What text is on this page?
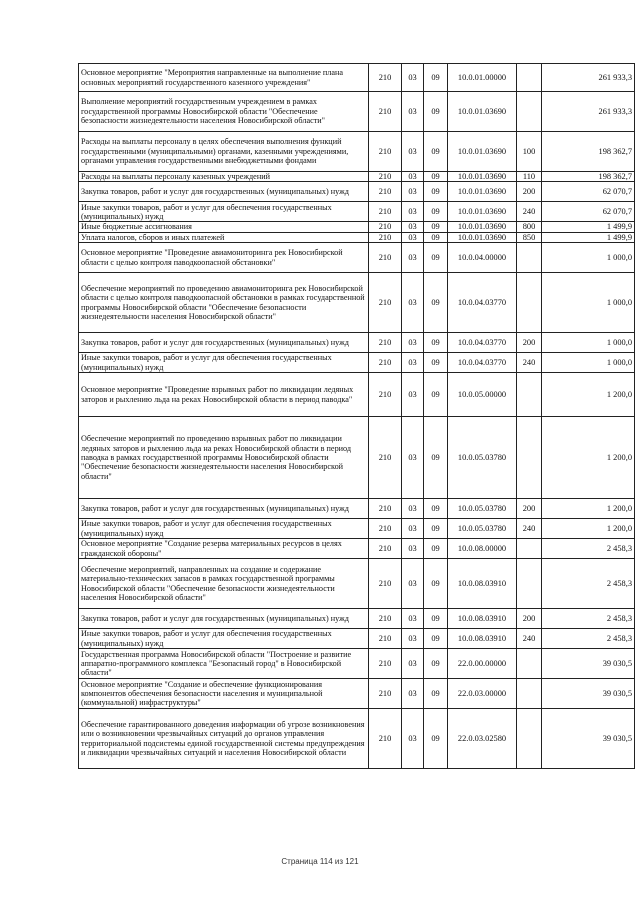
Основное мероприятие "Мероприятия направленные на выполнение плана основных мероприятий государственного казенного учреждения"	210	03	09	10.0.01.00000		261 933,3
Выполнение мероприятий государственным учреждением в рамках государственной программы Новосибирской области "Обеспечение безопасности жизнедеятельности населения Новосибирской области"	210	03	09	10.0.01.03690		261 933,3
Расходы на выплаты персоналу в целях обеспечения выполнения функций государственными (муниципальными) органами, казенными учреждениями, органами управления государственными внебюджетными фондами	210	03	09	10.0.01.03690	100	198 362,7
Расходы на выплаты персоналу казенных учреждений	210	03	09	10.0.01.03690	110	198 362,7
Закупка товаров, работ и услуг для государственных (муниципальных) нужд	210	03	09	10.0.01.03690	200	62 070,7
Иные закупки товаров, работ и услуг для обеспечения государственных (муниципальных) нужд	210	03	09	10.0.01.03690	240	62 070,7
Иные бюджетные ассигнования	210	03	09	10.0.01.03690	800	1 499,9
Уплата налогов, сборов и иных платежей	210	03	09	10.0.01.03690	850	1 499,9
Основное мероприятие "Проведение авиамониторинга рек Новосибирской области с целью контроля паводкоопасной обстановки"	210	03	09	10.0.04.00000		1 000,0
Обеспечение мероприятий по проведению авиамониторинга рек Новосибирской области с целью контроля паводкоопасной обстановки в рамках государственной программы Новосибирской области "Обеспечение безопасности жизнедеятельности населения Новосибирской области"	210	03	09	10.0.04.03770		1 000,0
Закупка товаров, работ и услуг для государственных (муниципальных) нужд	210	03	09	10.0.04.03770	200	1 000,0
Иные закупки товаров, работ и услуг для обеспечения государственных (муниципальных) нужд	210	03	09	10.0.04.03770	240	1 000,0
Основное мероприятие "Проведение взрывных работ по ликвидации ледяных заторов и рыхлению льда на реках Новосибирской области в период паводка"	210	03	09	10.0.05.00000		1 200,0
Обеспечение мероприятий по проведению взрывных работ по ликвидации ледяных заторов и рыхлению льда на реках Новосибирской области в период паводка в рамках государственной программы Новосибирской области "Обеспечение безопасности жизнедеятельности населения Новосибирской области"	210	03	09	10.0.05.03780		1 200,0
Закупка товаров, работ и услуг для государственных (муниципальных) нужд	210	03	09	10.0.05.03780	200	1 200,0
Иные закупки товаров, работ и услуг для обеспечения государственных (муниципальных) нужд	210	03	09	10.0.05.03780	240	1 200,0
Основное мероприятие "Создание резерва материальных ресурсов в целях гражданской обороны"	210	03	09	10.0.08.00000		2 458,3
Обеспечение мероприятий, направленных на создание и содержание материально-технических запасов в рамках государственной программы Новосибирской области "Обеспечение безопасности жизнедеятельности населения Новосибирской области"	210	03	09	10.0.08.03910		2 458,3
Закупка товаров, работ и услуг для государственных (муниципальных) нужд	210	03	09	10.0.08.03910	200	2 458,3
Иные закупки товаров, работ и услуг для обеспечения государственных (муниципальных) нужд	210	03	09	10.0.08.03910	240	2 458,3
Государственная программа Новосибирской области "Построение и развитие аппаратно-программного комплекса "Безопасный город" в Новосибирской области"	210	03	09	22.0.00.00000		39 030,5
Основное мероприятие "Создание и обеспечение функционирования компонентов обеспечения безопасности населения и муниципальной (коммунальной) инфраструктуры"	210	03	09	22.0.03.00000		39 030,5
Обеспечение гарантированного доведения информации об угрозе возникновения или о возникновении чрезвычайных ситуаций до органов управления территориальной подсистемы единой государственной системы предупреждения и ликвидации чрезвычайных ситуаций и населения Новосибирской области	210	03	09	22.0.03.02580		39 030,5
Страница 114 из 121
